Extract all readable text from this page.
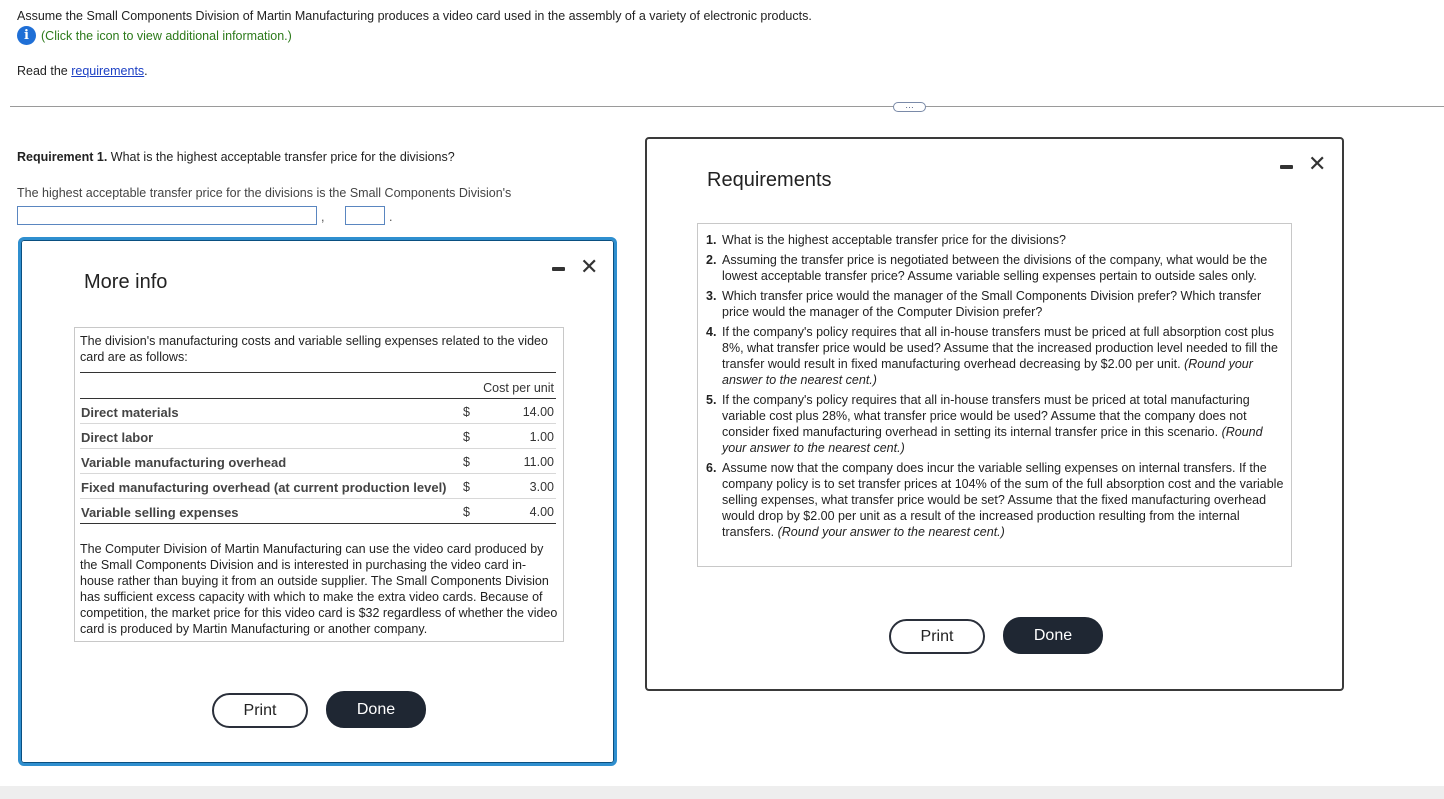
Assume the Small Components Division of Martin Manufacturing produces a video card used in the assembly of a variety of electronic products.
i (Click the icon to view additional information.)
Read the requirements.
…
Requirement 1. What is the highest acceptable transfer price for the divisions?
The highest acceptable transfer price for the divisions is the Small Components Division's
,	.
More info
✕
The division's manufacturing costs and variable selling expenses related to the video card are as follows:
Cost per unit
Direct materials	$	14.00
Direct labor	$	1.00
Variable manufacturing overhead	$	11.00
Fixed manufacturing overhead (at current production level) $	3.00
Variable selling expenses	$	4.00
The Computer Division of Martin Manufacturing can use the video card produced by the Small Components Division and is interested in purchasing the video card in-house rather than buying it from an outside supplier. The Small Components Division has sufficient excess capacity with which to make the extra video cards. Because of competition, the market price for this video card is $32 regardless of whether the video card is produced by Martin Manufacturing or another company.
Print	Done
Requirements
✕
1. What is the highest acceptable transfer price for the divisions?
2. Assuming the transfer price is negotiated between the divisions of the company, what would be the lowest acceptable transfer price? Assume variable selling expenses pertain to outside sales only.
3. Which transfer price would the manager of the Small Components Division prefer? Which transfer price would the manager of the Computer Division prefer?
4. If the company's policy requires that all in-house transfers must be priced at full absorption cost plus 8%, what transfer price would be used? Assume that the increased production level needed to fill the transfer would result in fixed manufacturing overhead decreasing by $2.00 per unit. (Round your answer to the nearest cent.)
5. If the company's policy requires that all in-house transfers must be priced at total manufacturing variable cost plus 28%, what transfer price would be used? Assume that the company does not consider fixed manufacturing overhead in setting its internal transfer price in this scenario. (Round your answer to the nearest cent.)
6. Assume now that the company does incur the variable selling expenses on internal transfers. If the company policy is to set transfer prices at 104% of the sum of the full absorption cost and the variable selling expenses, what transfer price would be set? Assume that the fixed manufacturing overhead would drop by $2.00 per unit as a result of the increased production resulting from the internal transfers. (Round your answer to the nearest cent.)
Print	Done
